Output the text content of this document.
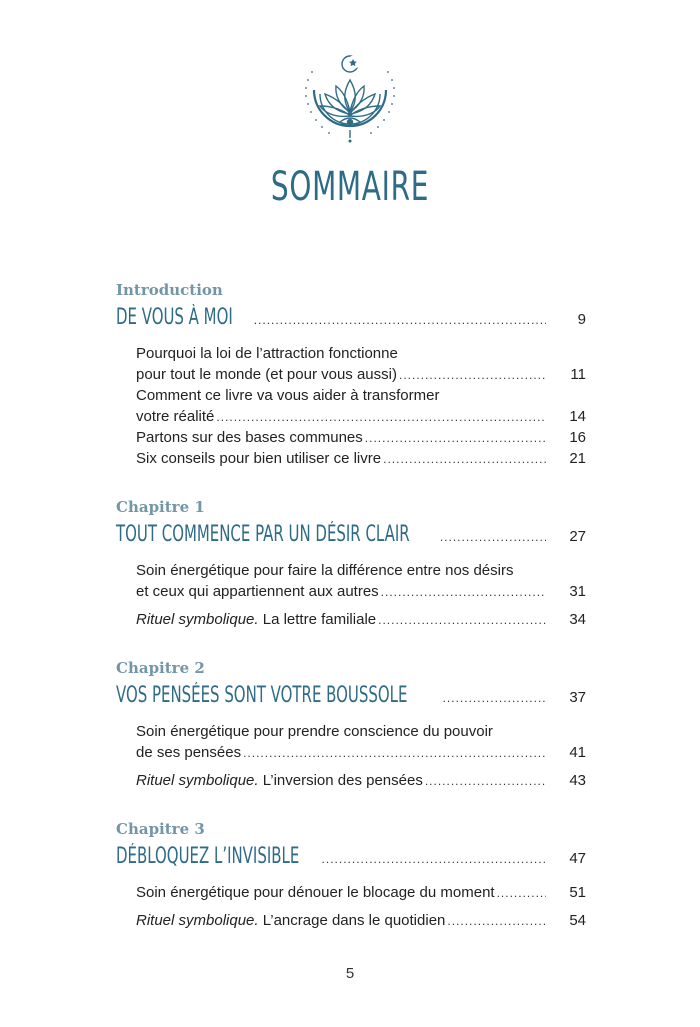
SOMMAIRE
Introduction
DE VOUS À MOI .....	9
Pourquoi la loi de l’attraction fonctionne
pour tout le monde (et pour vous aussi) .....	11
Comment ce livre va vous aider à transformer
votre réalité .....	14
Partons sur des bases communes .....	16
Six conseils pour bien utiliser ce livre .....	21
Chapitre 1
TOUT COMMENCE PAR UN DÉSIR CLAIR .....	27
Soin énergétique pour faire la différence entre nos désirs
et ceux qui appartiennent aux autres .....	31
Rituel symbolique. La lettre familiale .....	34
Chapitre 2
VOS PENSÉES SONT VOTRE BOUSSOLE .....	37
Soin énergétique pour prendre conscience du pouvoir
de ses pensées .....	41
Rituel symbolique. L’inversion des pensées .....	43
Chapitre 3
DÉBLOQUEZ L’INVISIBLE .....	47
Soin énergétique pour dénouer le blocage du moment .....	51
Rituel symbolique. L’ancrage dans le quotidien .....	54
5
